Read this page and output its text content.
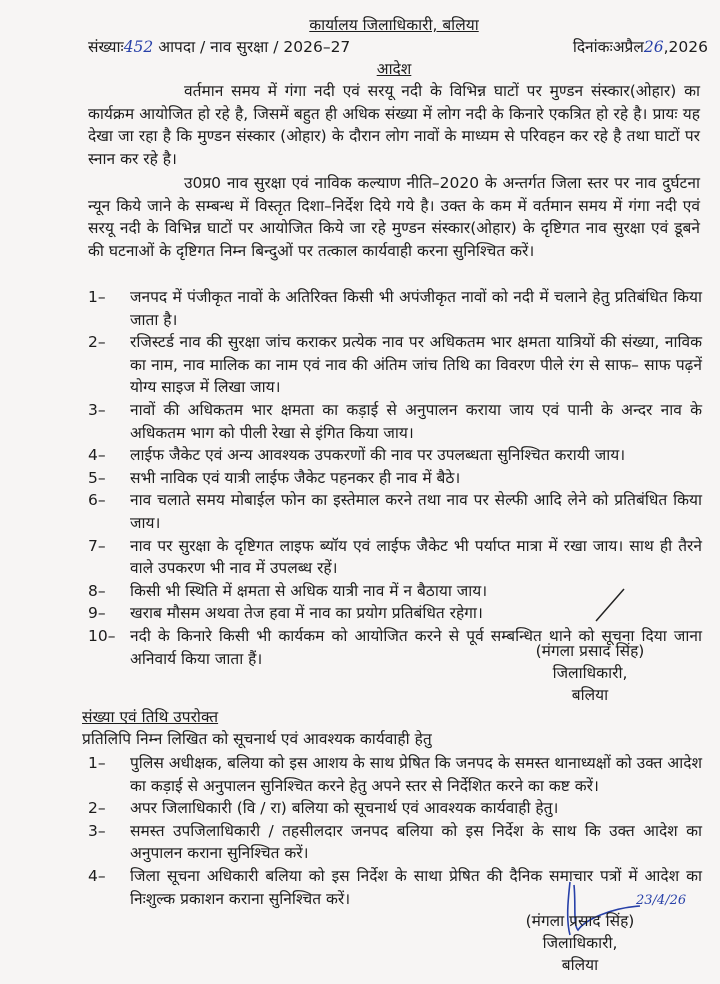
कार्यालय जिलाधिकारी, बलिया
संख्याः452 आपदा / नाव सुरक्षा / 2026–27	दिनांकःअप्रैल26,2026
आदेश
वर्तमान समय में गंगा नदी एवं सरयू नदी के विभिन्न घाटों पर मुण्डन संस्कार(ओहार) का कार्यक्रम आयोजित हो रहे है, जिसमें बहुत ही अधिक संख्या में लोग नदी के किनारे एकत्रित हो रहे है। प्रायः यह देखा जा रहा है कि मुण्डन संस्कार (ओहार) के दौरान लोग नावों के माध्यम से परिवहन कर रहे है तथा घाटों पर स्नान कर रहे है।
उ0प्र0 नाव सुरक्षा एवं नाविक कल्याण नीति–2020 के अन्तर्गत जिला स्तर पर नाव दुर्घटना न्यून किये जाने के सम्बन्ध में विस्तृत दिशा–निर्देश दिये गये है। उक्त के कम में वर्तमान समय में गंगा नदी एवं सरयू नदी के विभिन्न घाटों पर आयोजित किये जा रहे मुण्डन संस्कार(ओहार) के दृष्टिगत नाव सुरक्षा एवं डूबने की घटनाओं के दृष्टिगत निम्न बिन्दुओं पर तत्काल कार्यवाही करना सुनिश्चित करें।
1–	जनपद में पंजीकृत नावों के अतिरिक्त किसी भी अपंजीकृत नावों को नदी में चलाने हेतु प्रतिबंधित किया जाता है।
2–	रजिस्टर्ड नाव की सुरक्षा जांच कराकर प्रत्येक नाव पर अधिकतम भार क्षमता यात्रियों की संख्या, नाविक का नाम, नाव मालिक का नाम एवं नाव की अंतिम जांच तिथि का विवरण पीले रंग से साफ– साफ पढ़नें योग्य साइज में लिखा जाय।
3–	नावों की अधिकतम भार क्षमता का कड़ाई से अनुपालन कराया जाय एवं पानी के अन्दर नाव के अधिकतम भाग को पीली रेखा से इंगित किया जाय।
4–	लाईफ जैकेट एवं अन्य आवश्यक उपकरणों की नाव पर उपलब्धता सुनिश्चित करायी जाय।
5–	सभी नाविक एवं यात्री लाईफ जैकेट पहनकर ही नाव में बैठे।
6–	नाव चलाते समय मोबाईल फोन का इस्तेमाल करने तथा नाव पर सेल्फी आदि लेने को प्रतिबंधित किया जाय।
7–	नाव पर सुरक्षा के दृष्टिगत लाइफ ब्यॉय एवं लाईफ जैकेट भी पर्याप्त मात्रा में रखा जाय। साथ ही तैरने वाले उपकरण भी नाव में उपलब्ध रहें।
8–	किसी भी स्थिति में क्षमता से अधिक यात्री नाव में न बैठाया जाय।
9–	खराब मौसम अथवा तेज हवा में नाव का प्रयोग प्रतिबंधित रहेगा।
10– नदी के किनारे किसी भी कार्यकम को आयोजित करने से पूर्व सम्बन्धित थाने को सूचना दिया जाना अनिवार्य किया जाता हैं।	(मंगला प्रसाद सिंह)
जिलाधिकारी,
बलिया
संख्या एवं तिथि उपरोक्त
प्रतिलिपि निम्न लिखित को सूचनार्थ एवं आवश्यक कार्यवाही हेतु
1–	पुलिस अधीक्षक, बलिया को इस आशय के साथ प्रेषित कि जनपद के समस्त थानाध्यक्षों को उक्त आदेश का कड़ाई से अनुपालन सुनिश्चित करने हेतु अपने स्तर से निर्देशित करने का कष्ट करें।
2–	अपर जिलाधिकारी (वि / रा) बलिया को सूचनार्थ एवं आवश्यक कार्यवाही हेतु।
3–	समस्त उपजिलाधिकारी / तहसीलदार जनपद बलिया को इस निर्देश के साथ कि उक्त आदेश का अनुपालन कराना सुनिश्चित करें।
4–	जिला सूचना अधिकारी बलिया को इस निर्देश के साथा प्रेषित की दैनिक समाचार पत्रों में आदेश का निःशुल्क प्रकाशन कराना सुनिश्चित करें।	23/4/26
(मंगला प्रसाद सिंह)
जिलाधिकारी,
बलिया
